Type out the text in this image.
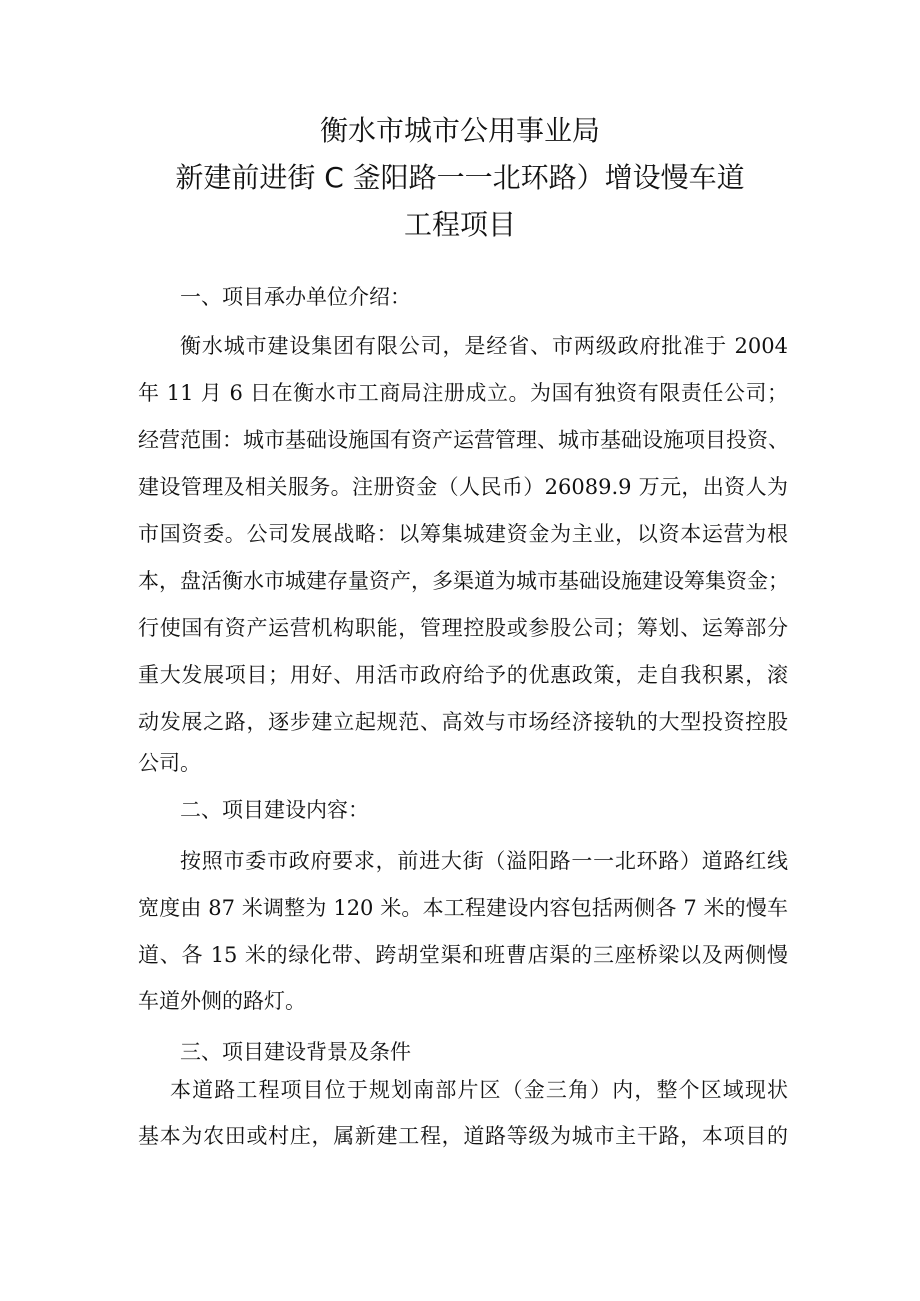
衡水市城市公用事业局
新建前进街 C 釜阳路一一北环路）增设慢车道
工程项目
一、项目承办单位介绍：
衡水城市建设集团有限公司，是经省、市两级政府批准于 2004
年 11 月 6 日在衡水市工商局注册成立。为国有独资有限责任公司；
经营范围：城市基础设施国有资产运营管理、城市基础设施项目投资、
建设管理及相关服务。注册资金（人民币）26089.9 万元，出资人为
市国资委。公司发展战略：以筹集城建资金为主业，以资本运营为根
本，盘活衡水市城建存量资产，多渠道为城市基础设施建设筹集资金；
行使国有资产运营机构职能，管理控股或参股公司；筹划、运筹部分
重大发展项目；用好、用活市政府给予的优惠政策，走自我积累，滚
动发展之路，逐步建立起规范、高效与市场经济接轨的大型投资控股
公司。
二、项目建设内容：
按照市委市政府要求，前进大街（溢阳路一一北环路）道路红线
宽度由 87 米调整为 120 米。本工程建设内容包括两侧各 7 米的慢车
道、各 15 米的绿化带、跨胡堂渠和班曹店渠的三座桥梁以及两侧慢
车道外侧的路灯。
三、项目建设背景及条件
本道路工程项目位于规划南部片区（金三角）内，整个区域现状
基本为农田或村庄，属新建工程，道路等级为城市主干路，本项目的
